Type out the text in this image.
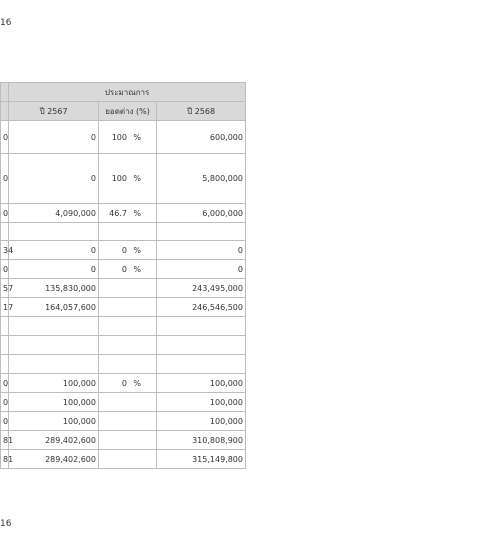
16
	ประมาณการ		
	ปี 2567	ยอดต่าง (%)	ปี 2568
0	0	100 %	600,000
0	0	100 %	5,800,000
0	4,090,000	46.7 %	6,000,000

34	0	0 %	0
0	0	0 %	0
57	135,830,000		243,495,000
17	164,057,600		246,546,500

0	100,000	0 %	100,000
0	100,000		100,000
0	100,000		100,000
81	289,402,600		310,808,900
81	289,402,600		315,149,800
16
